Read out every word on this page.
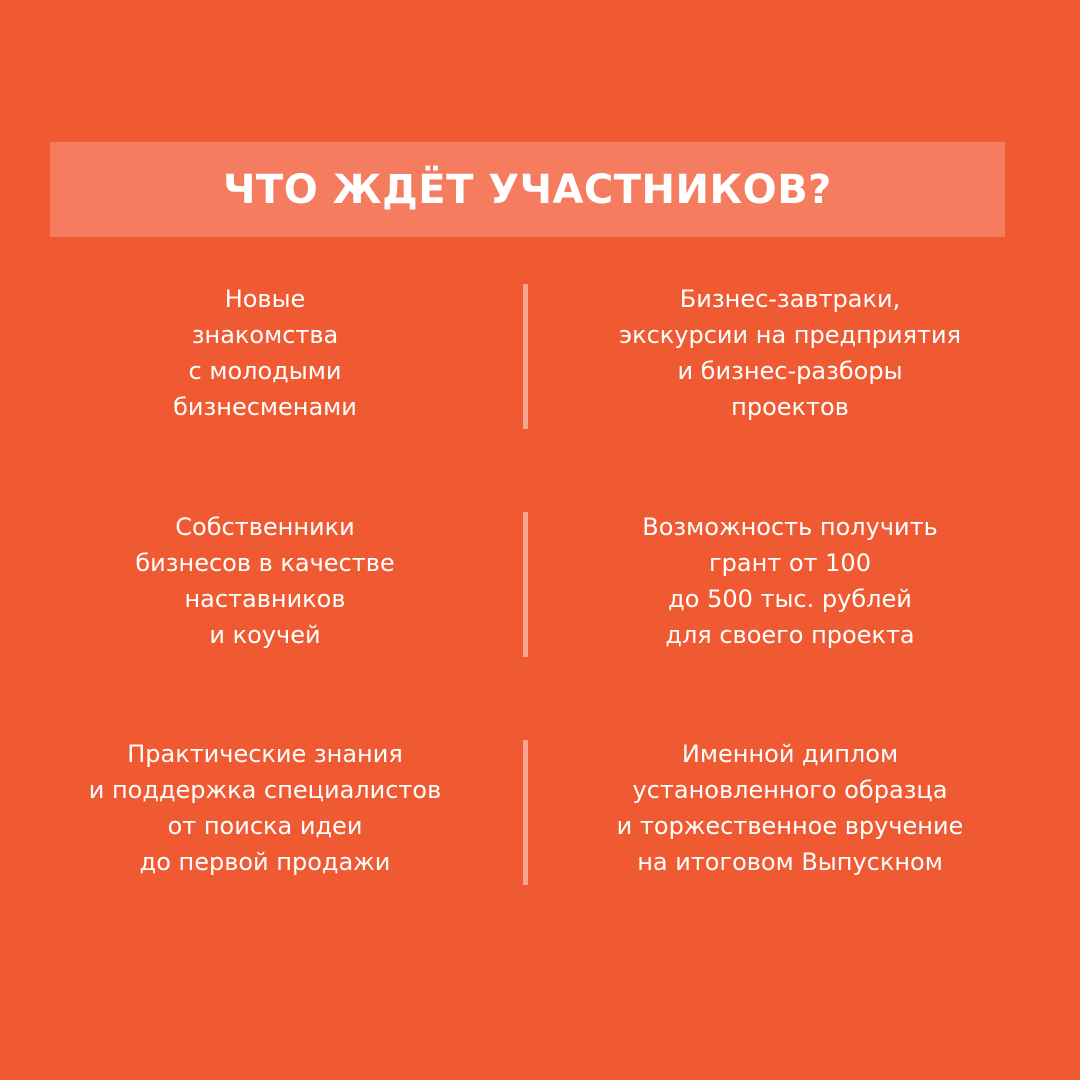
ЧТО ЖДЁТ УЧАСТНИКОВ?
Новые
знакомства
с молодыми
бизнесменами
Бизнес-завтраки,
экскурсии на предприятия
и бизнес-разборы
проектов
Собственники
бизнесов в качестве
наставников
и коучей
Возможность получить
грант от 100
до 500 тыс. рублей
для своего проекта
Практические знания
и поддержка специалистов
от поиска идеи
до первой продажи
Именной диплом
установленного образца
и торжественное вручение
на итоговом Выпускном
